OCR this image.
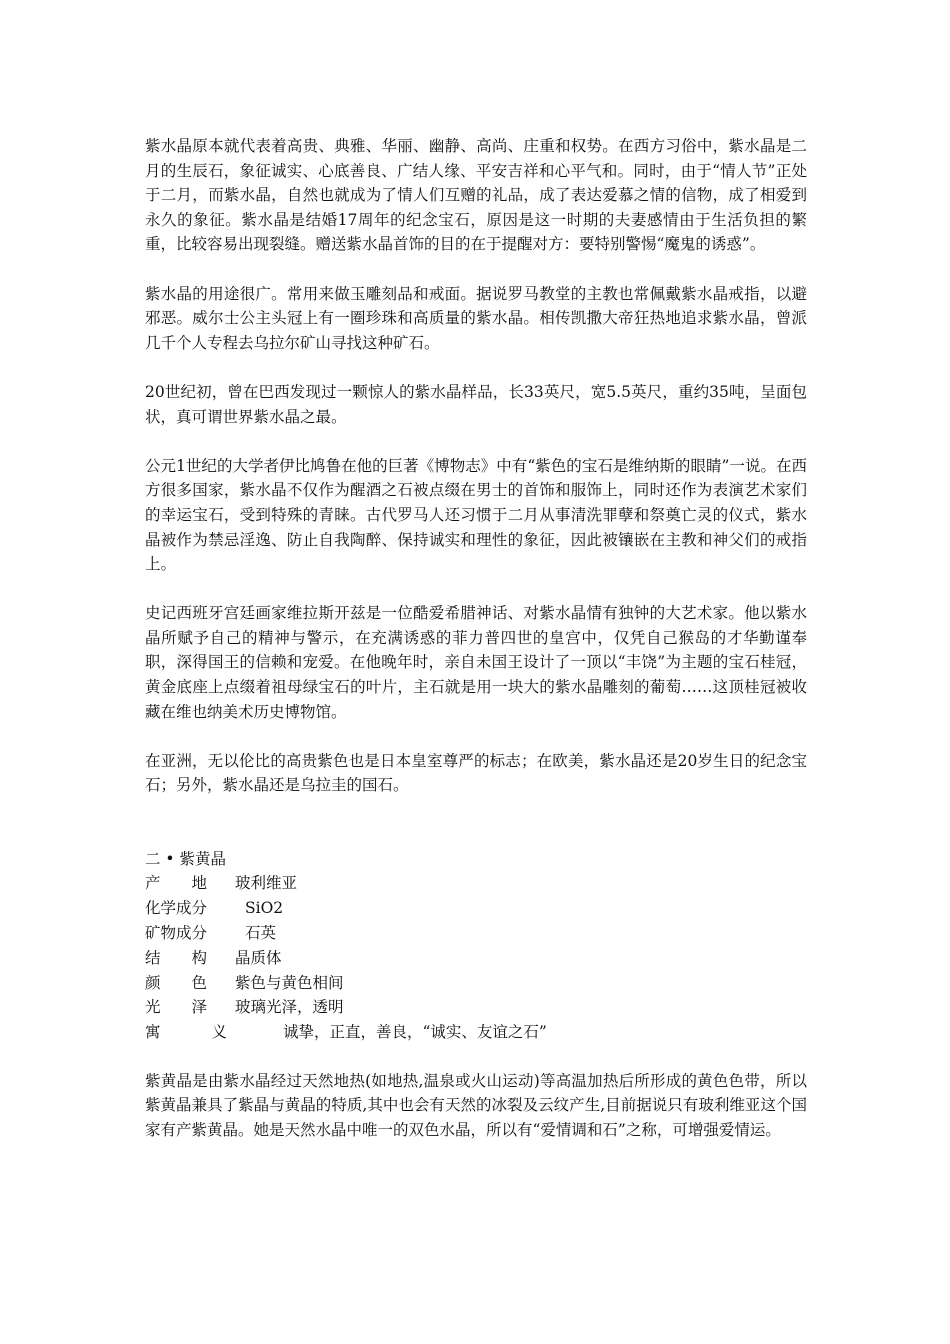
紫水晶原本就代表着高贵、典雅、华丽、幽静、高尚、庄重和权势。在西方习俗中，紫水晶是二月的生辰石，象征诚实、心底善良、广结人缘、平安吉祥和心平气和。同时，由于“情人节”正处于二月，而紫水晶，自然也就成为了情人们互赠的礼品，成了表达爱慕之情的信物，成了相爱到永久的象征。紫水晶是结婚17周年的纪念宝石，原因是这一时期的夫妻感情由于生活负担的繁重，比较容易出现裂缝。赠送紫水晶首饰的目的在于提醒对方：要特别警惕“魔鬼的诱惑”。

紫水晶的用途很广。常用来做玉雕刻品和戒面。据说罗马教堂的主教也常佩戴紫水晶戒指，以避邪恶。威尔士公主头冠上有一圈珍珠和高质量的紫水晶。相传凯撒大帝狂热地追求紫水晶，曾派几千个人专程去乌拉尔矿山寻找这种矿石。

20世纪初，曾在巴西发现过一颗惊人的紫水晶样品，长33英尺，宽5.5英尺，重约35吨，呈面包状，真可谓世界紫水晶之最。

公元1世纪的大学者伊比鸠鲁在他的巨著《博物志》中有“紫色的宝石是维纳斯的眼睛”一说。在西方很多国家，紫水晶不仅作为醒酒之石被点缀在男士的首饰和服饰上，同时还作为表演艺术家们的幸运宝石，受到特殊的青睐。古代罗马人还习惯于二月从事清洗罪孽和祭奠亡灵的仪式，紫水晶被作为禁忌淫逸、防止自我陶醉、保持诚实和理性的象征，因此被镶嵌在主教和神父们的戒指上。

史记西班牙宫廷画家维拉斯开兹是一位酷爱希腊神话、对紫水晶情有独钟的大艺术家。他以紫水晶所赋予自己的精神与警示，在充满诱惑的菲力普四世的皇宫中，仅凭自己猴岛的才华勤谨奉职，深得国王的信赖和宠爱。在他晚年时，亲自未国王设计了一顶以“丰饶”为主题的宝石桂冠，黄金底座上点缀着祖母绿宝石的叶片，主石就是用一块大的紫水晶雕刻的葡萄……这顶桂冠被收藏在维也纳美术历史博物馆。

在亚洲，无以伦比的高贵紫色也是日本皇室尊严的标志；在欧美，紫水晶还是20岁生日的纪念宝石；另外，紫水晶还是乌拉圭的国石。

二 • 紫黄晶

产 地 玻利维亚
化学成分	SiO2
矿物成分	石英
结 构 晶质体
颜 色 紫色与黄色相间
光 泽 玻璃光泽，透明
寓	义	诚挚，正直，善良，“诚实、友谊之石”

紫黄晶是由紫水晶经过天然地热(如地热,温泉或火山运动)等高温加热后所形成的黄色色带，所以紫黄晶兼具了紫晶与黄晶的特质,其中也会有天然的冰裂及云纹产生,目前据说只有玻利维亚这个国家有产紫黄晶。她是天然水晶中唯一的双色水晶，所以有“爱情调和石”之称，可增强爱情运。
